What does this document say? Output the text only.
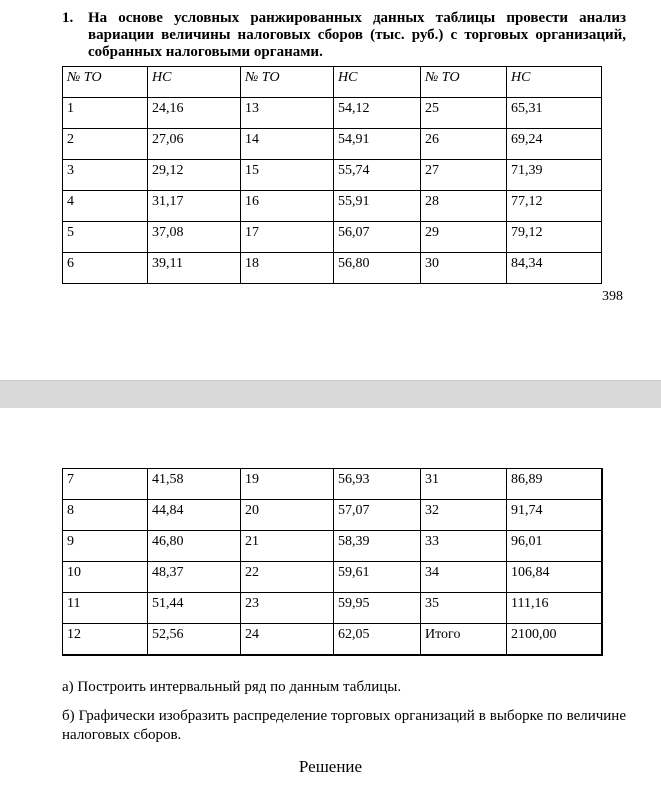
1. На основе условных ранжированных данных таблицы провести анализ вариации величины налоговых сборов (тыс. руб.) с торговых организаций, собранных налоговыми органами.
№ ТО	НС	№ ТО	НС	№ ТО	НС
1	24,16	13	54,12	25	65,31
2	27,06	14	54,91	26	69,24
3	29,12	15	55,74	27	71,39
4	31,17	16	55,91	28	77,12
5	37,08	17	56,07	29	79,12
6	39,11	18	56,80	30	84,34
398
7	41,58	19	56,93	31	86,89
8	44,84	20	57,07	32	91,74
9	46,80	21	58,39	33	96,01
10	48,37	22	59,61	34	106,84
11	51,44	23	59,95	35	111,16
12	52,56	24	62,05	Итого	2100,00
а) Построить интервальный ряд по данным таблицы.
б) Графически изобразить распределение торговых организаций в выборке по величине налоговых сборов.
Решение
